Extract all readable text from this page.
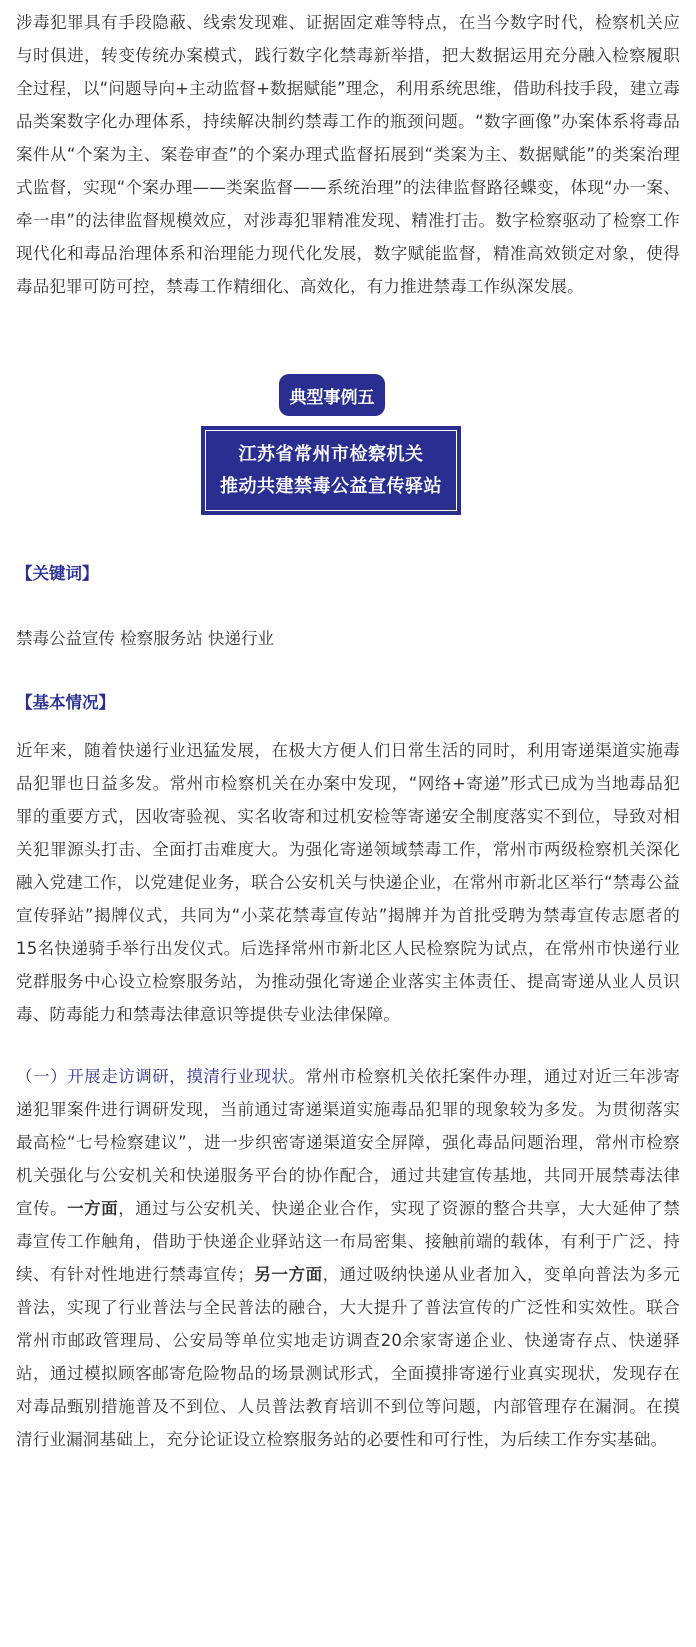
涉毒犯罪具有手段隐蔽、线索发现难、证据固定难等特点，在当今数字时代，检察机关应与时俱进，转变传统办案模式，践行数字化禁毒新举措，把大数据运用充分融入检察履职全过程，以“问题导向+主动监督+数据赋能”理念，利用系统思维，借助科技手段，建立毒品类案数字化办理体系，持续解决制约禁毒工作的瓶颈问题。“数字画像”办案体系将毒品案件从“个案为主、案卷审查”的个案办理式监督拓展到“类案为主、数据赋能”的类案治理式监督，实现“个案办理——类案监督——系统治理”的法律监督路径蝶变，体现“办一案、牵一串”的法律监督规模效应，对涉毒犯罪精准发现、精准打击。数字检察驱动了检察工作现代化和毒品治理体系和治理能力现代化发展，数字赋能监督，精准高效锁定对象，使得毒品犯罪可防可控，禁毒工作精细化、高效化，有力推进禁毒工作纵深发展。

典型事例五
江苏省常州市检察机关
推动共建禁毒公益宣传驿站
【关键词】
禁毒公益宣传 检察服务站 快递行业
【基本情况】

近年来，随着快递行业迅猛发展，在极大方便人们日常生活的同时，利用寄递渠道实施毒品犯罪也日益多发。常州市检察机关在办案中发现，“网络+寄递”形式已成为当地毒品犯罪的重要方式，因收寄验视、实名收寄和过机安检等寄递安全制度落实不到位，导致对相关犯罪源头打击、全面打击难度大。为强化寄递领域禁毒工作，常州市两级检察机关深化融入党建工作，以党建促业务，联合公安机关与快递企业，在常州市新北区举行“禁毒公益宣传驿站”揭牌仪式，共同为“小菜花禁毒宣传站”揭牌并为首批受聘为禁毒宣传志愿者的15名快递骑手举行出发仪式。后选择常州市新北区人民检察院为试点，在常州市快递行业党群服务中心设立检察服务站，为推动强化寄递企业落实主体责任、提高寄递从业人员识毒、防毒能力和禁毒法律意识等提供专业法律保障。

（一）开展走访调研，摸清行业现状。常州市检察机关依托案件办理，通过对近三年涉寄递犯罪案件进行调研发现，当前通过寄递渠道实施毒品犯罪的现象较为多发。为贯彻落实最高检“七号检察建议”，进一步织密寄递渠道安全屏障，强化毒品问题治理，常州市检察机关强化与公安机关和快递服务平台的协作配合，通过共建宣传基地，共同开展禁毒法律宣传。一方面，通过与公安机关、快递企业合作，实现了资源的整合共享，大大延伸了禁毒宣传工作触角，借助于快递企业驿站这一布局密集、接触前端的载体，有利于广泛、持续、有针对性地进行禁毒宣传；另一方面，通过吸纳快递从业者加入，变单向普法为多元普法，实现了行业普法与全民普法的融合，大大提升了普法宣传的广泛性和实效性。联合常州市邮政管理局、公安局等单位实地走访调查20余家寄递企业、快递寄存点、快递驿站，通过模拟顾客邮寄危险物品的场景测试形式，全面摸排寄递行业真实现状，发现存在对毒品甄别措施普及不到位、人员普法教育培训不到位等问题，内部管理存在漏洞。在摸清行业漏洞基础上，充分论证设立检察服务站的必要性和可行性，为后续工作夯实基础。
